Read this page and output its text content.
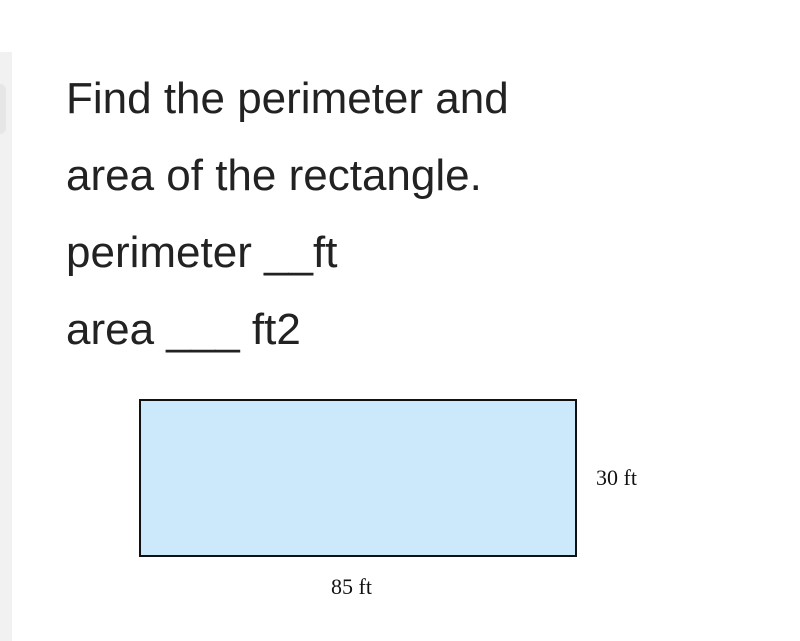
Find the perimeter and
area of the rectangle.
perimeter __ft
area ___ ft2
30 ft
85 ft
